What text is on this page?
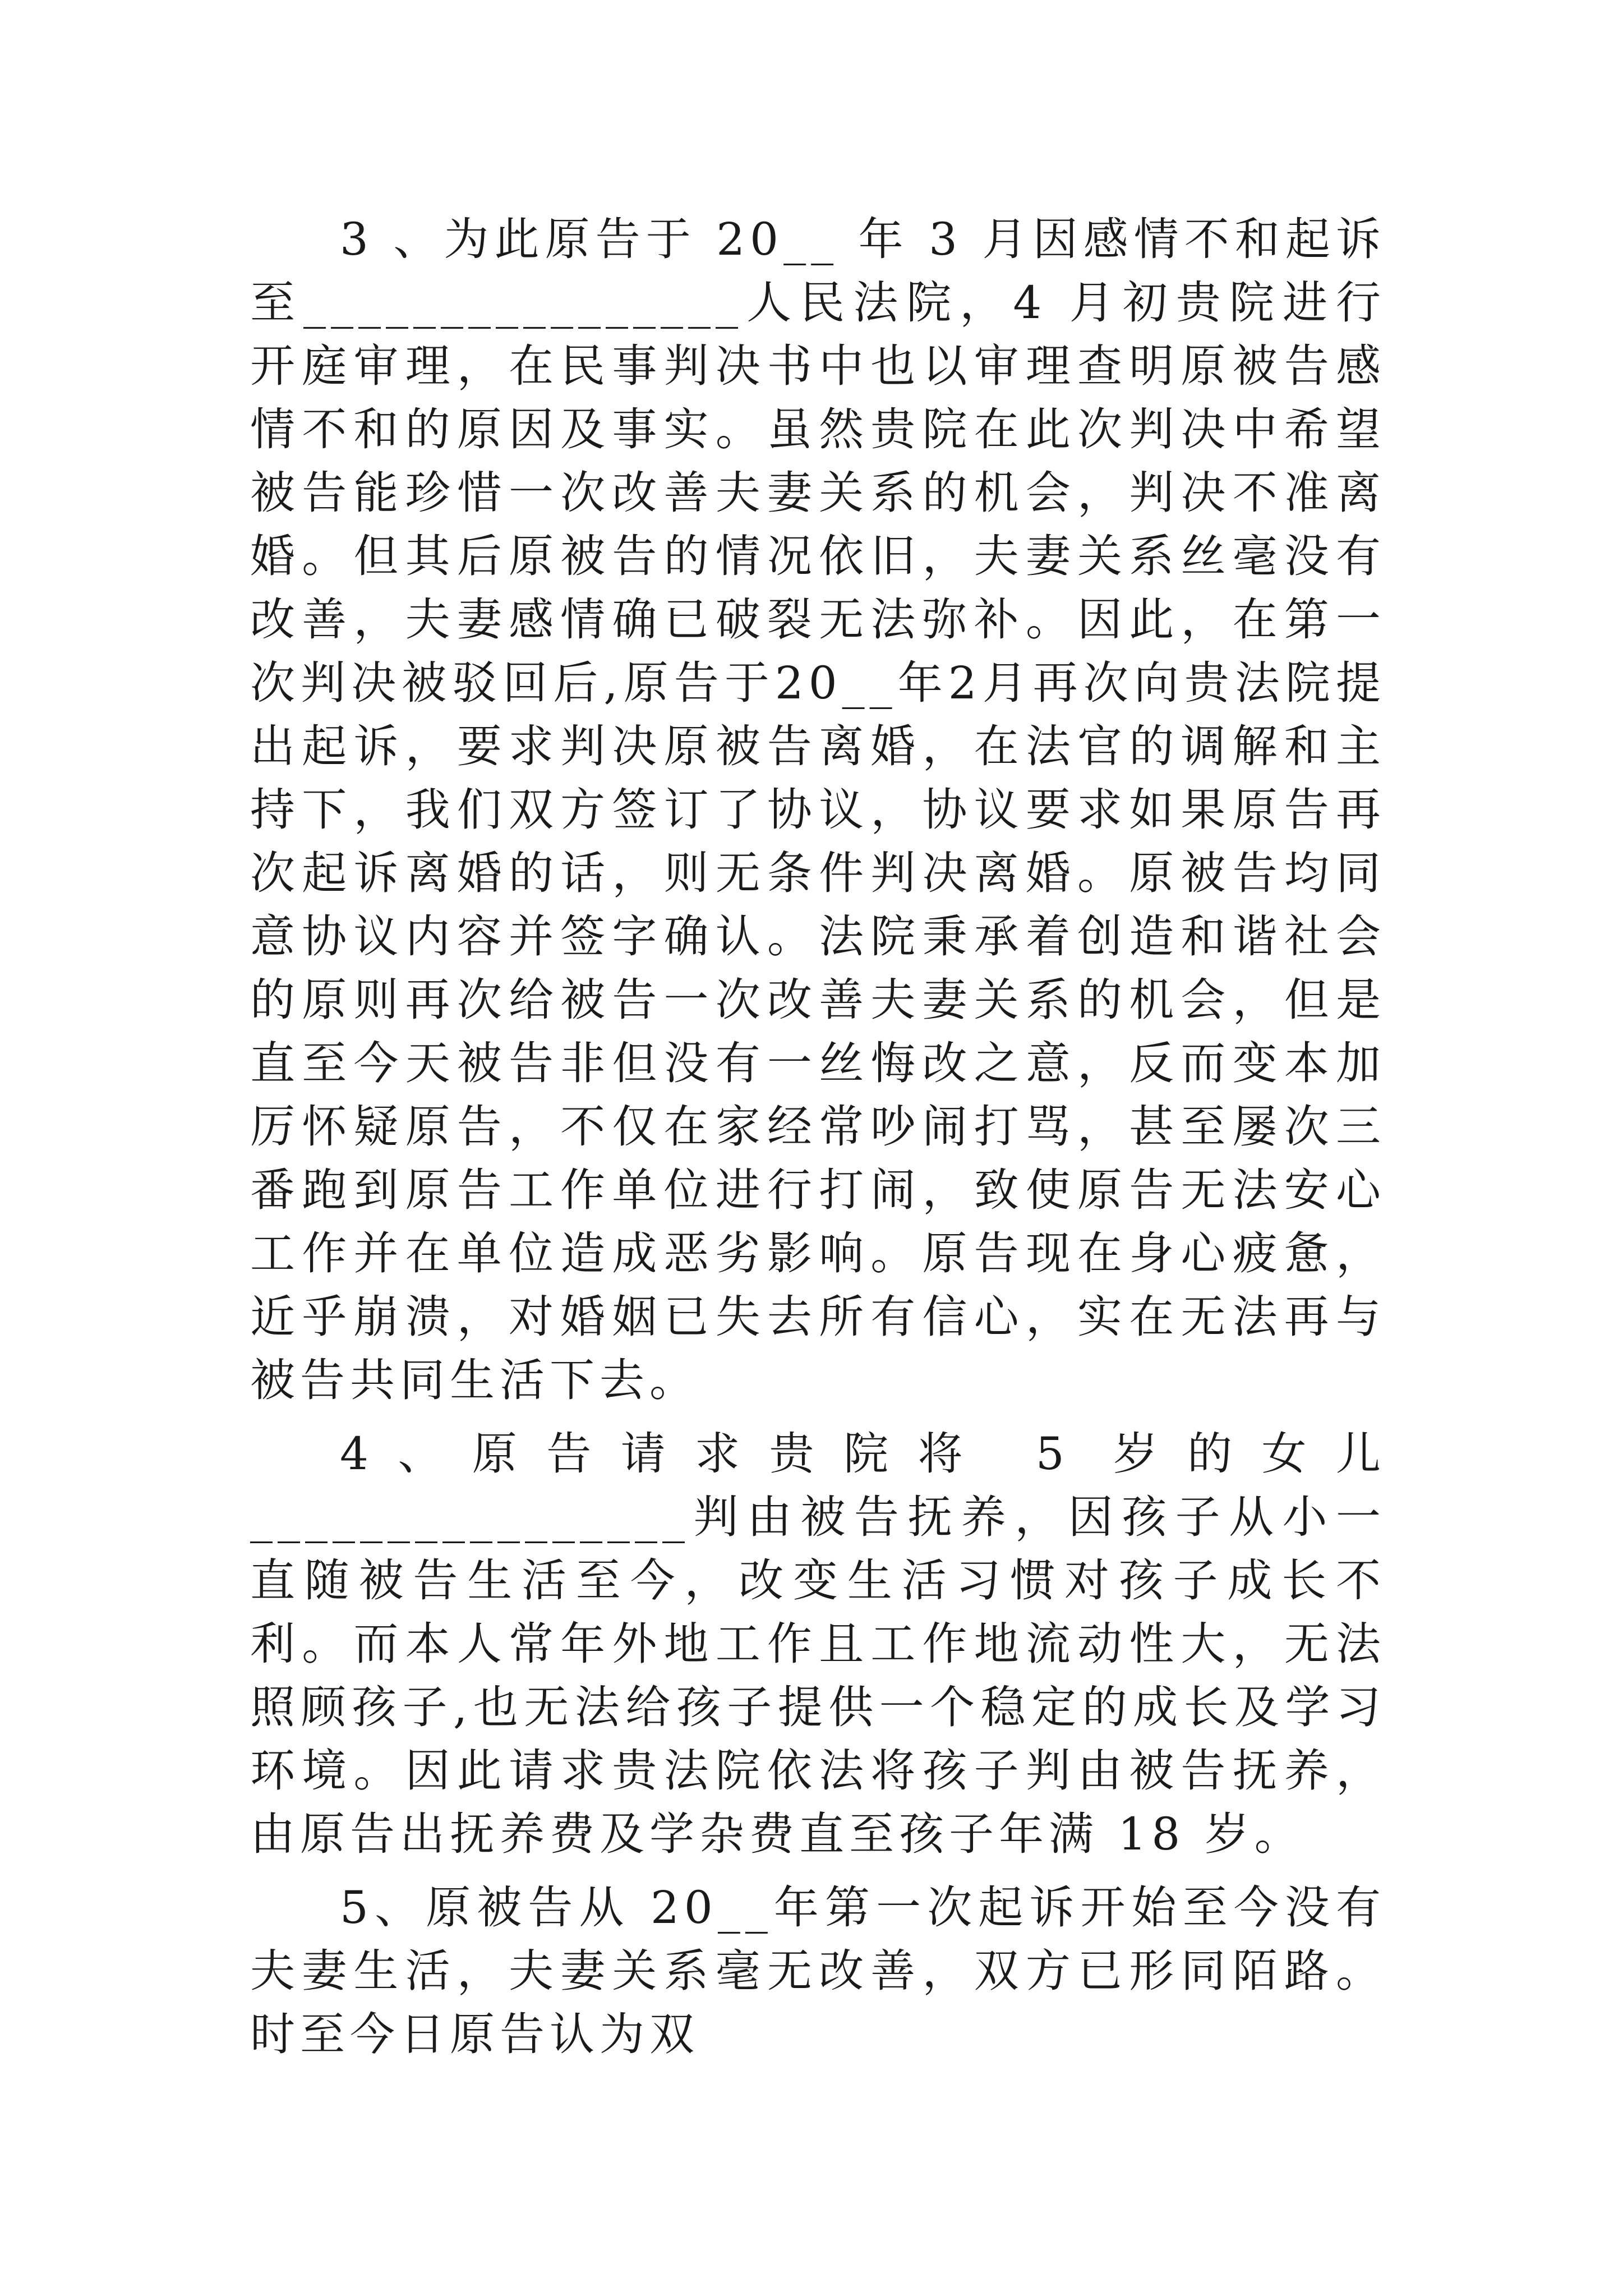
3 、为此原告于 20__ 年 3 月因感情不和起诉至________________人民法院，4 月初贵院进行开庭审理，在民事判决书中也以审理查明原被告感情不和的原因及事实。虽然贵院在此次判决中希望被告能珍惜一次改善夫妻关系的机会，判决不准离婚。但其后原被告的情况依旧，夫妻关系丝毫没有改善，夫妻感情确已破裂无法弥补。因此，在第一次判决被驳回后,原告于20__年2月再次向贵法院提出起诉，要求判决原被告离婚，在法官的调解和主持下，我们双方签订了协议，协议要求如果原告再次起诉离婚的话，则无条件判决离婚。原被告均同意协议内容并签字确认。法院秉承着创造和谐社会的原则再次给被告一次改善夫妻关系的机会，但是直至今天被告非但没有一丝悔改之意，反而变本加厉怀疑原告，不仅在家经常吵闹打骂，甚至屡次三番跑到原告工作单位进行打闹，致使原告无法安心工作并在单位造成恶劣影响。原告现在身心疲惫，近乎崩溃，对婚姻已失去所有信心，实在无法再与被告共同生活下去。

4、原告请求贵院将 5 岁的女儿________________判由被告抚养，因孩子从小一直随被告生活至今，改变生活习惯对孩子成长不利。而本人常年外地工作且工作地流动性大，无法照顾孩子,也无法给孩子提供一个稳定的成长及学习环境。因此请求贵法院依法将孩子判由被告抚养，由原告出抚养费及学杂费直至孩子年满 18 岁。

5、原被告从 20__年第一次起诉开始至今没有夫妻生活，夫妻关系毫无改善，双方已形同陌路。时至今日原告认为双
